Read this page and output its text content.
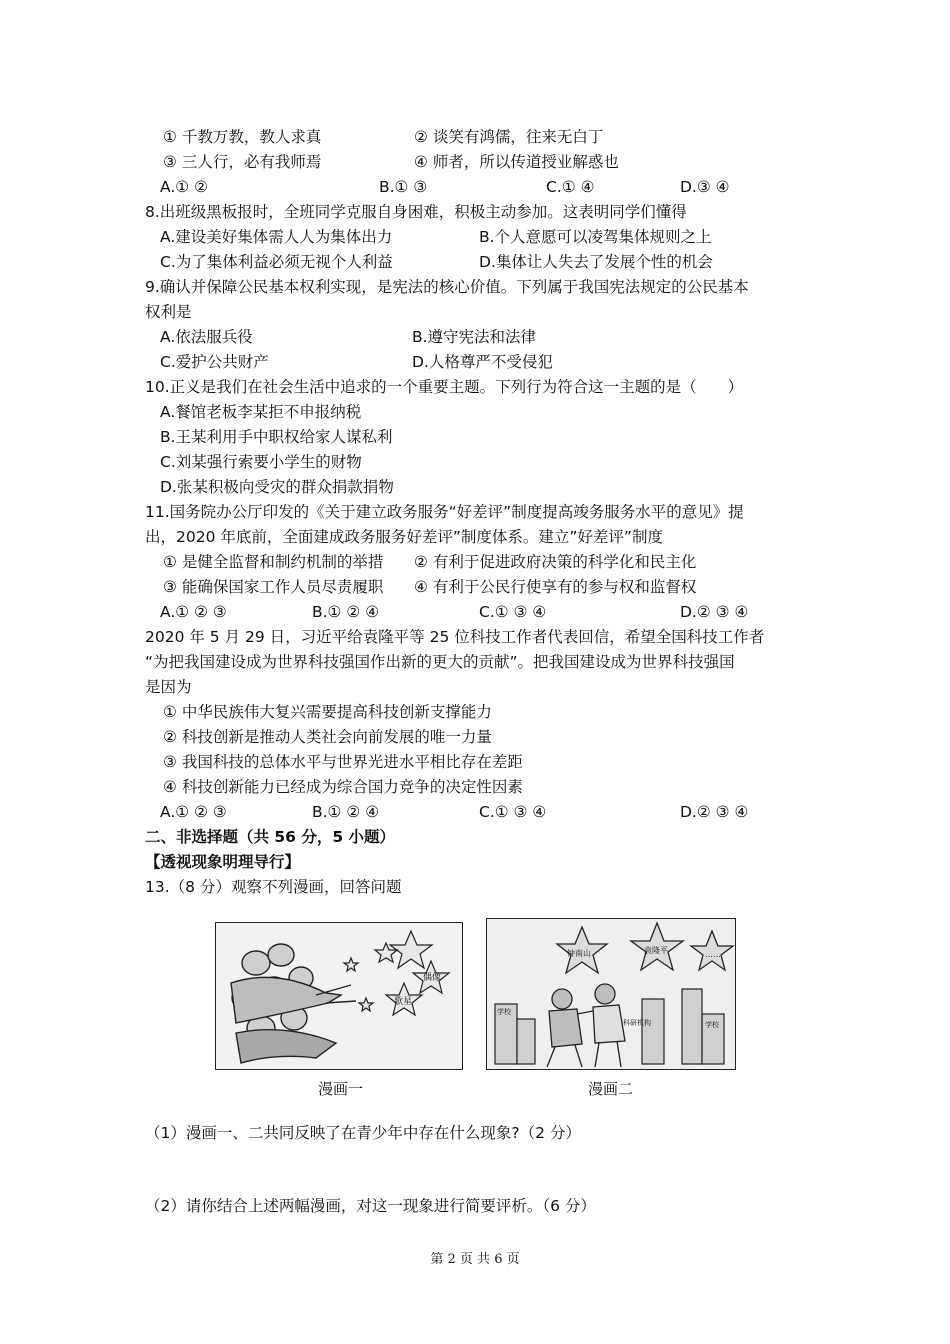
① 千教万教，教人求真	② 谈笑有鸿儒，往来无白丁
③ 三人行，必有我师焉	④ 师者，所以传道授业解惑也
A.① ②	B.① ③	C.① ④	D.③ ④
8.出班级黑板报时，全班同学克服自身困难，积极主动参加。这表明同学们懂得
A.建设美好集体需人人为集体出力	B.个人意愿可以凌驾集体规则之上
C.为了集体利益必须无视个人利益	D.集体让人失去了发展个性的机会
9.确认并保障公民基本权利实现，是宪法的核心价值。下列属于我国宪法规定的公民基本
权利是
A.依法服兵役	B.遵守宪法和法律
C.爱护公共财产	D.人格尊严不受侵犯
10.正义是我们在社会生活中追求的一个重要主题。下列行为符合这一主题的是（　　）
A.餐馆老板李某拒不申报纳税
B.王某利用手中职权给家人谋私利
C.刘某强行索要小学生的财物
D.张某积极向受灾的群众捐款捐物
11.国务院办公厅印发的《关于建立政务服务“好差评”制度提高竣务服务水平的意见》提
出，2020 年底前，全面建成政务服务好差评”制度体系。建立”好差评”制度
① 是健全监督和制约机制的举措 ② 有利于促进政府决策的科学化和民主化
③ 能确保国家工作人员尽责履职 ④ 有利于公民行使享有的参与权和监督权
A.① ② ③	B.① ② ④	C.① ③ ④	D.② ③ ④
2020 年 5 月 29 日，习近平给袁隆平等 25 位科技工作者代表回信，希望全国科技工作者
“为把我国建设成为世界科技强国作出新的更大的贡献”。把我国建设成为世界科技强国
是因为
① 中华民族伟大复兴需要提高科技创新支撑能力
② 科技创新是推动人类社会向前发展的唯一力量
③ 我国科技的总体水平与世界光进水平相比存在差距
④ 科技创新能力已经成为综合国力竞争的决定性因素
A.① ② ③	B.① ② ④	C.① ③ ④	D.② ③ ④
二、非选择题（共 56 分，5 小题）
【透视现象明理导行】
13.（8 分）观察不列漫画，回答问题
偶像
歌星
漫画一
钟南山	袁隆平	……
学校
科研机构	学校
漫画二
（1）漫画一、二共同反映了在青少年中存在什么现象?（2 分）
（2）请你结合上述两幅漫画，对这一现象进行简要评析。（6 分）
第 2 页 共 6 页
